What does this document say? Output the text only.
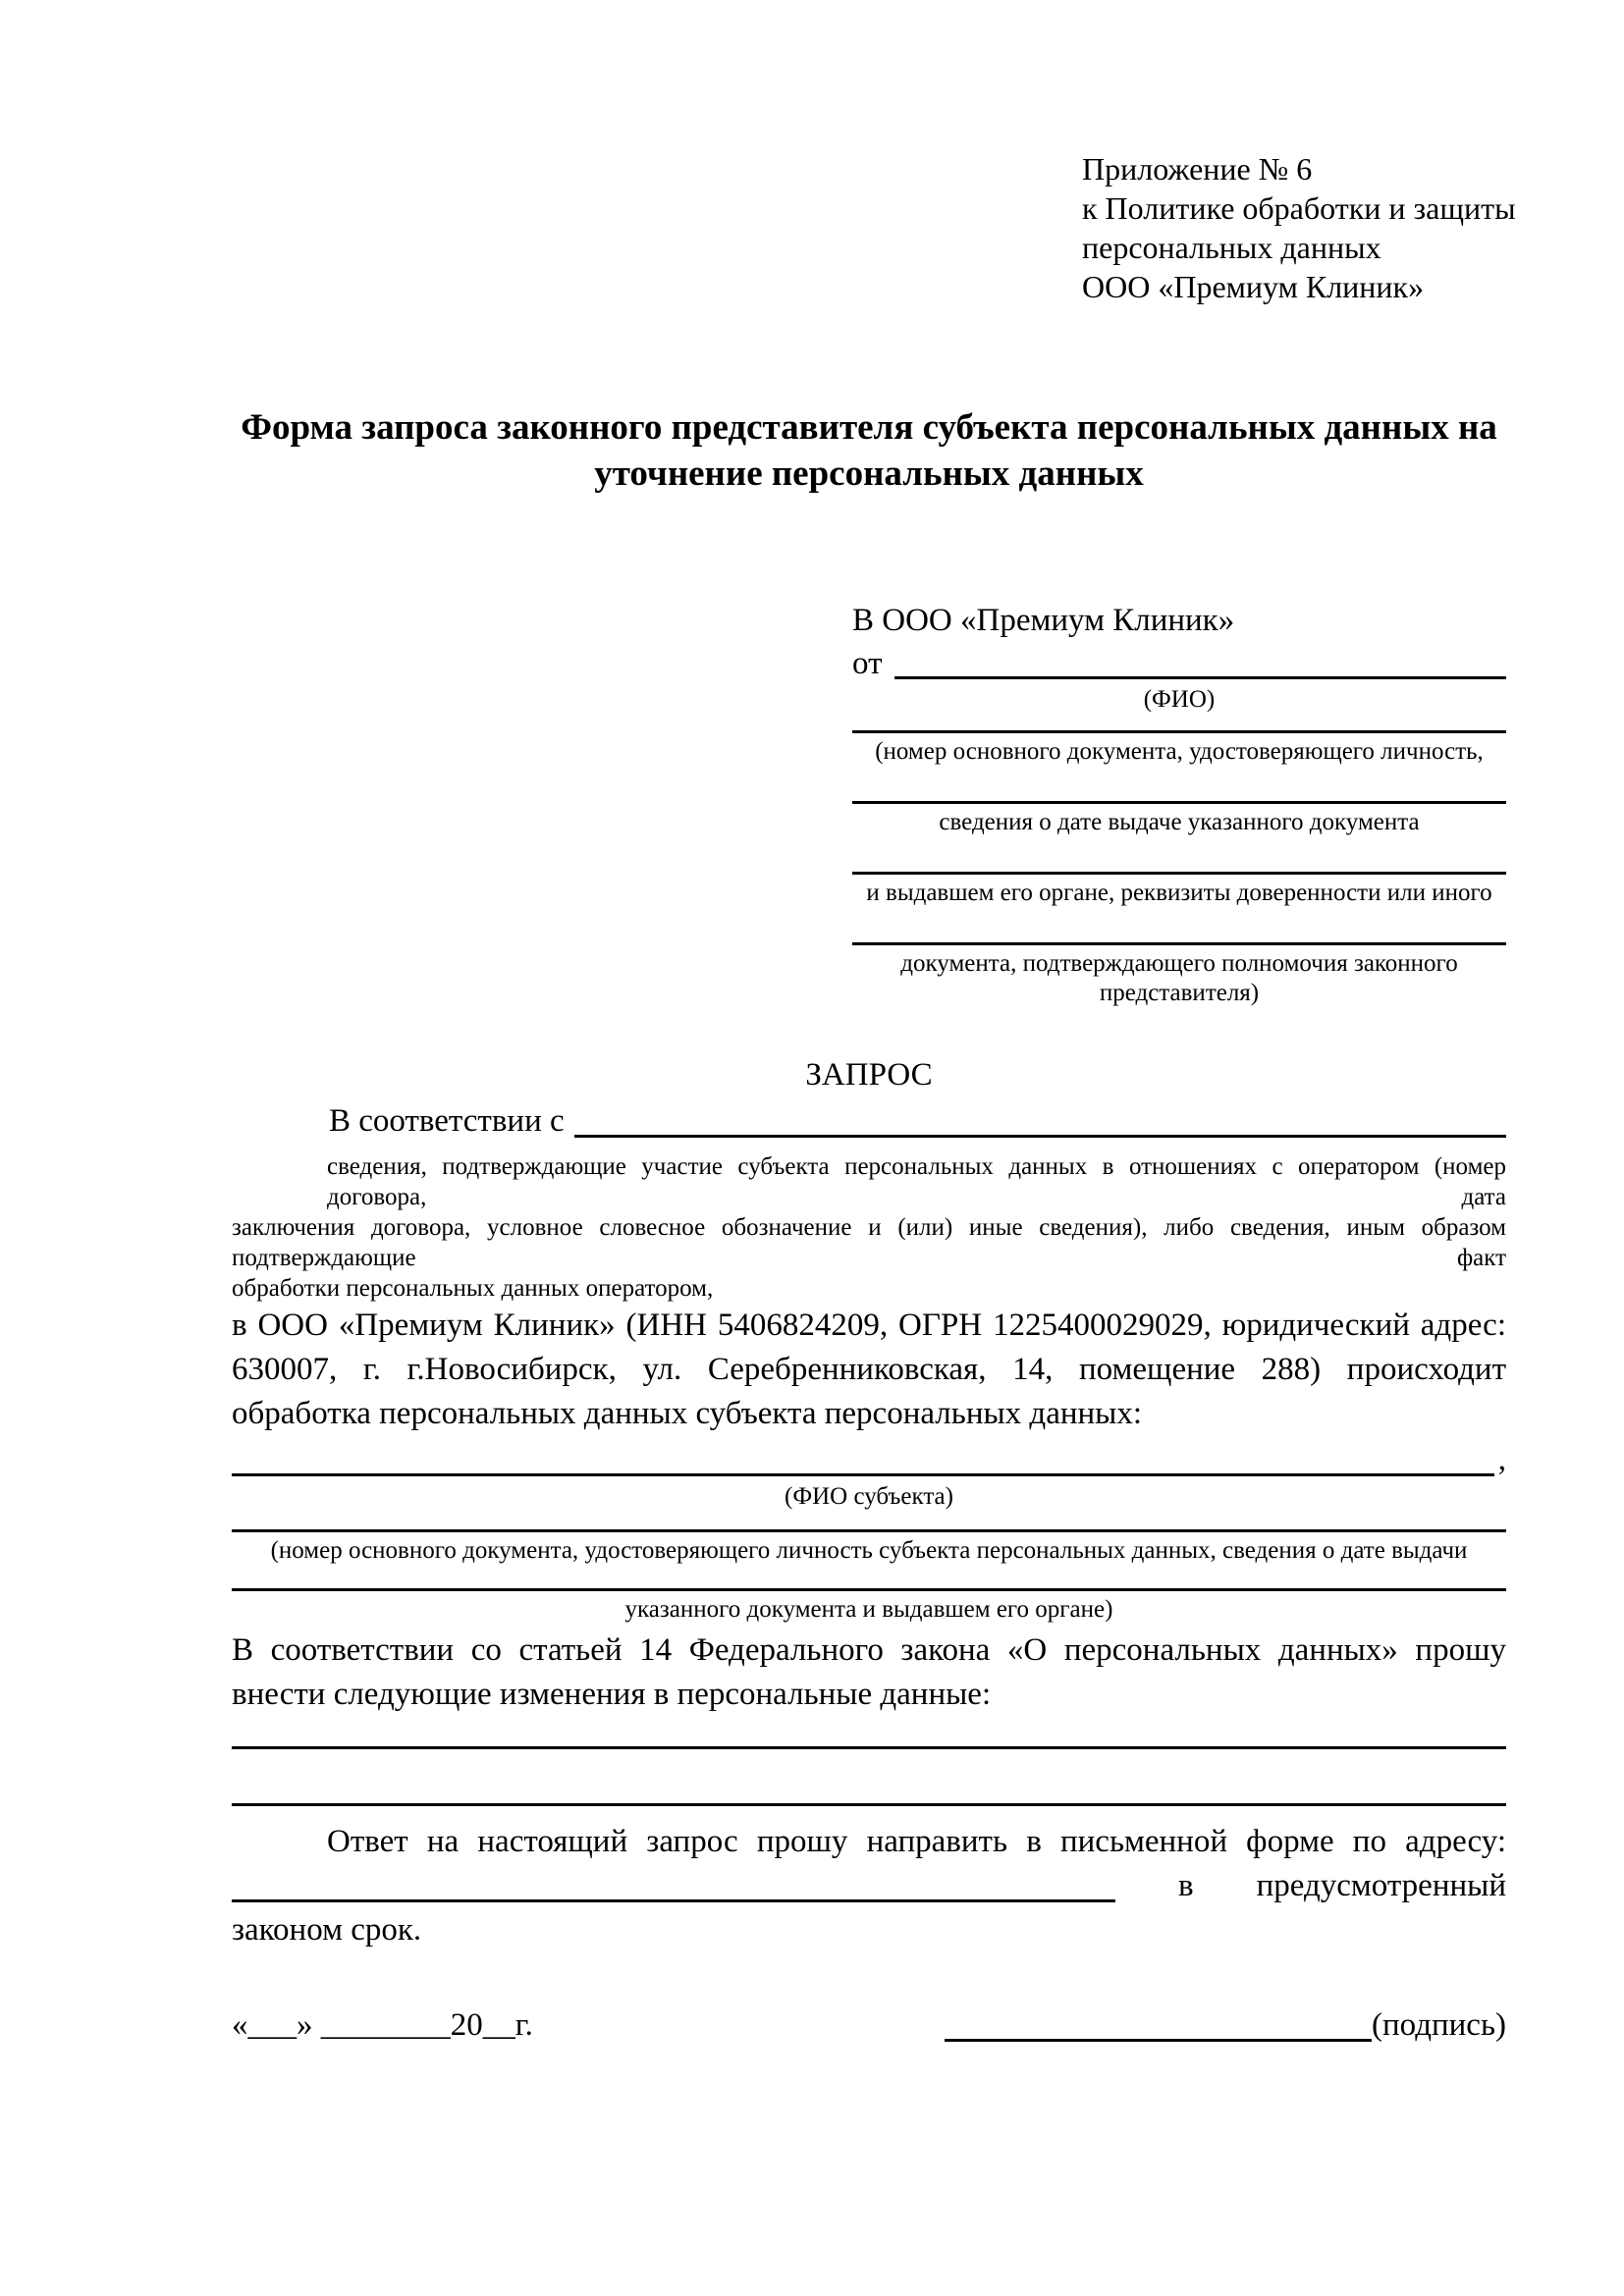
Приложение № 6
к Политике обработки и защиты
персональных данных
ООО «Премиум Клиник»
Форма запроса законного представителя субъекта персональных данных на уточнение персональных данных
В ООО «Премиум Клиник»
от
(ФИО)
(номер основного документа, удостоверяющего личность,
сведения о дате выдаче указанного документа
и выдавшем его органе, реквизиты доверенности или иного
документа, подтверждающего полномочия законного представителя)
ЗАПРОС
В соответствии с
сведения, подтверждающие участие субъекта персональных данных в отношениях с оператором (номер договора, дата
заключения договора, условное словесное обозначение и (или) иные сведения), либо сведения, иным образом подтверждающие факт
обработки персональных данных оператором,
в ООО «Премиум Клиник» (ИНН 5406824209, ОГРН 1225400029029, юридический адрес:
630007, г. г.Новосибирск, ул. Серебренниковская, 14, помещение 288) происходит
обработка персональных данных субъекта персональных данных:
,
(ФИО субъекта)
(номер основного документа, удостоверяющего личность субъекта персональных данных, сведения о дате выдачи
указанного документа и выдавшем его органе)
В соответствии со статьей 14 Федерального закона «О персональных данных» прошу
внести следующие изменения в персональные данные:
Ответ на настоящий запрос прошу направить в письменной форме по адресу:
в предусмотренный
законом срок.
«___» ________20__г.	(подпись)
